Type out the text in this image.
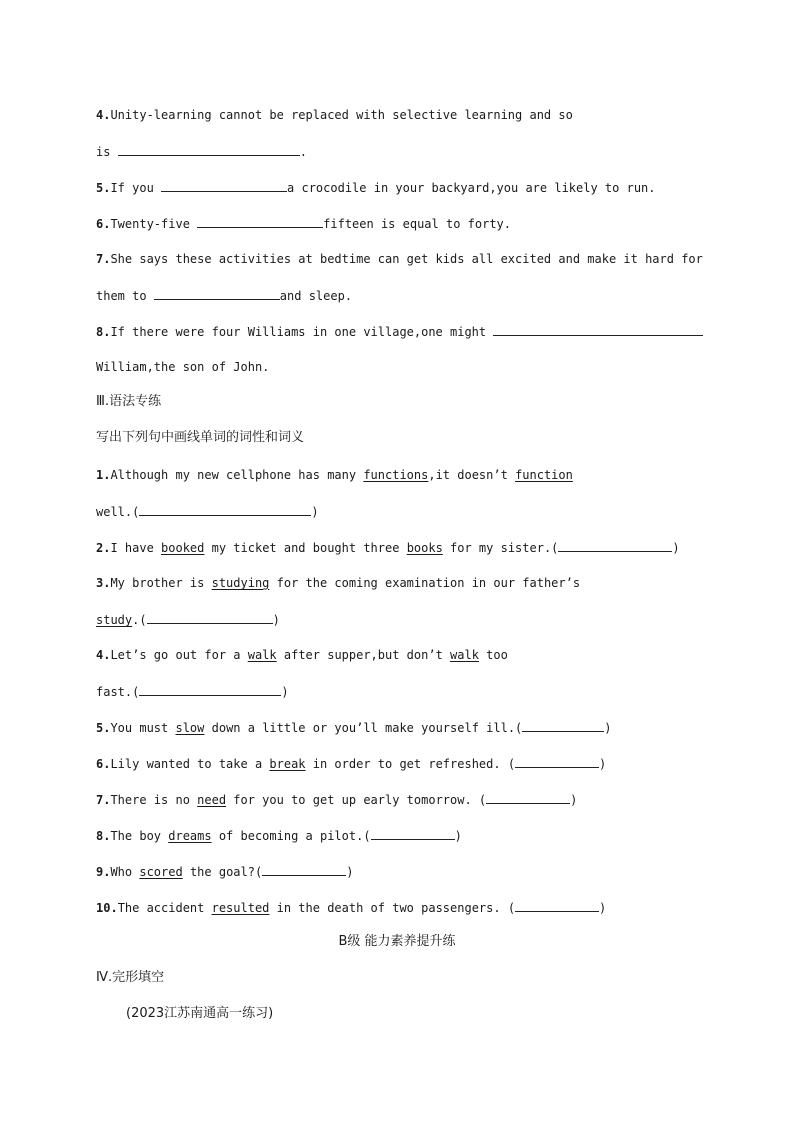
4.Unity-learning cannot be replaced with selective learning and so
is	.
5.If you	a crocodile in your backyard,you are likely to run.
6.Twenty-five	fifteen is equal to forty.
7.She says these activities at bedtime can get kids all excited and make it hard for
them to	and sleep.
8.If there were four Williams in one village,one might
William,the son of John.
Ⅲ.语法专练
写出下列句中画线单词的词性和词义
1.Although my new cellphone has many functions,it doesn’t function
well.(	)
2.I have booked my ticket and bought three books for my sister.(	)
3.My brother is studying for the coming examination in our father’s
study.(	)
4.Let’s go out for a walk after supper,but don’t walk too
fast.(	)
5.You must slow down a little or you’ll make yourself ill.(	)
6.Lily wanted to take a break in order to get refreshed. (	)
7.There is no need for you to get up early tomorrow. (	)
8.The boy dreams of becoming a pilot.(	)
9.Who scored the goal?(	)
10.The accident resulted in the death of two passengers. (	)
B级 能力素养提升练
Ⅳ.完形填空
(2023江苏南通高一练习)
